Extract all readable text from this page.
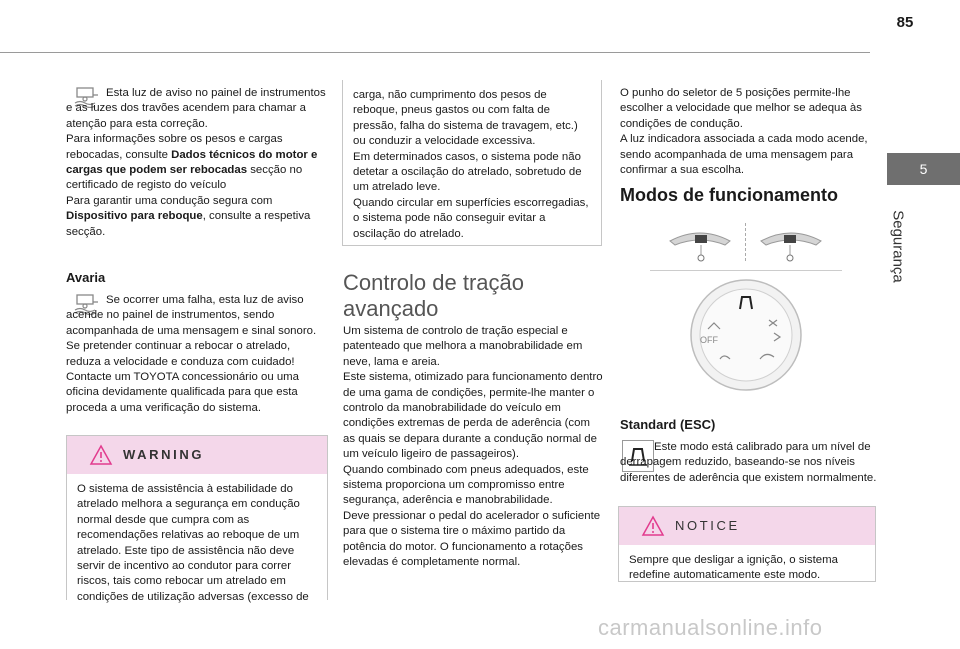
85
5
Segurança

Esta luz de aviso no painel de instrumentos e as luzes dos travões acendem para chamar a atenção para esta correção.

Para informações sobre os pesos e cargas rebocadas, consulte Dados técnicos do motor e cargas que podem ser rebocadas secção no certificado de registo do veículo

Para garantir uma condução segura com Dispositivo para reboque, consulte a respetiva secção.

Avaria

Se ocorrer uma falha, esta luz de aviso acende no painel de instrumentos, sendo acompanhada de uma mensagem e sinal sonoro.

Se pretender continuar a rebocar o atrelado, reduza a velocidade e conduza com cuidado! Contacte um TOYOTA concessionário ou uma oficina devidamente qualificada para que esta proceda a uma verificação do sistema.

WARNING
O sistema de assistência à estabilidade do atrelado melhora a segurança em condução normal desde que cumpra com as recomendações relativas ao reboque de um atrelado. Este tipo de assistência não deve servir de incentivo ao condutor para correr riscos, tais como rebocar um atrelado em condições de utilização adversas (excesso de
carga, não cumprimento dos pesos de reboque, pneus gastos ou com falta de pressão, falha do sistema de travagem, etc.) ou conduzir a velocidade excessiva.
Em determinados casos, o sistema pode não detetar a oscilação do atrelado, sobretudo de um atrelado leve.
Quando circular em superfícies escorregadias, o sistema pode não conseguir evitar a oscilação do atrelado.
Controlo de tração avançado

Um sistema de controlo de tração especial e patenteado que melhora a manobrabilidade em neve, lama e areia.

Este sistema, otimizado para funcionamento dentro de uma gama de condições, permite-lhe manter o controlo da manobrabilidade do veículo em condições extremas de perda de aderência (com as quais se depara durante a condução normal de um veículo ligeiro de passageiros).

Quando combinado com pneus adequados, este sistema proporciona um compromisso entre segurança, aderência e manobrabilidade.

Deve pressionar o pedal do acelerador o suficiente para que o sistema tire o máximo partido da potência do motor. O funcionamento a rotações elevadas é completamente normal.

O punho do seletor de 5 posições permite-lhe escolher a velocidade que melhor se adequa às condições de condução.

A luz indicadora associada a cada modo acende, sendo acompanhada de uma mensagem para confirmar a sua escolha.

Modos de funcionamento
OFF
Standard (ESC)

Este modo está calibrado para um nível de derrapagem reduzido, baseando-se nos níveis diferentes de aderência que existem normalmente.

NOTICE
Sempre que desligar a ignição, o sistema redefine automaticamente este modo.
carmanualsonline.info
